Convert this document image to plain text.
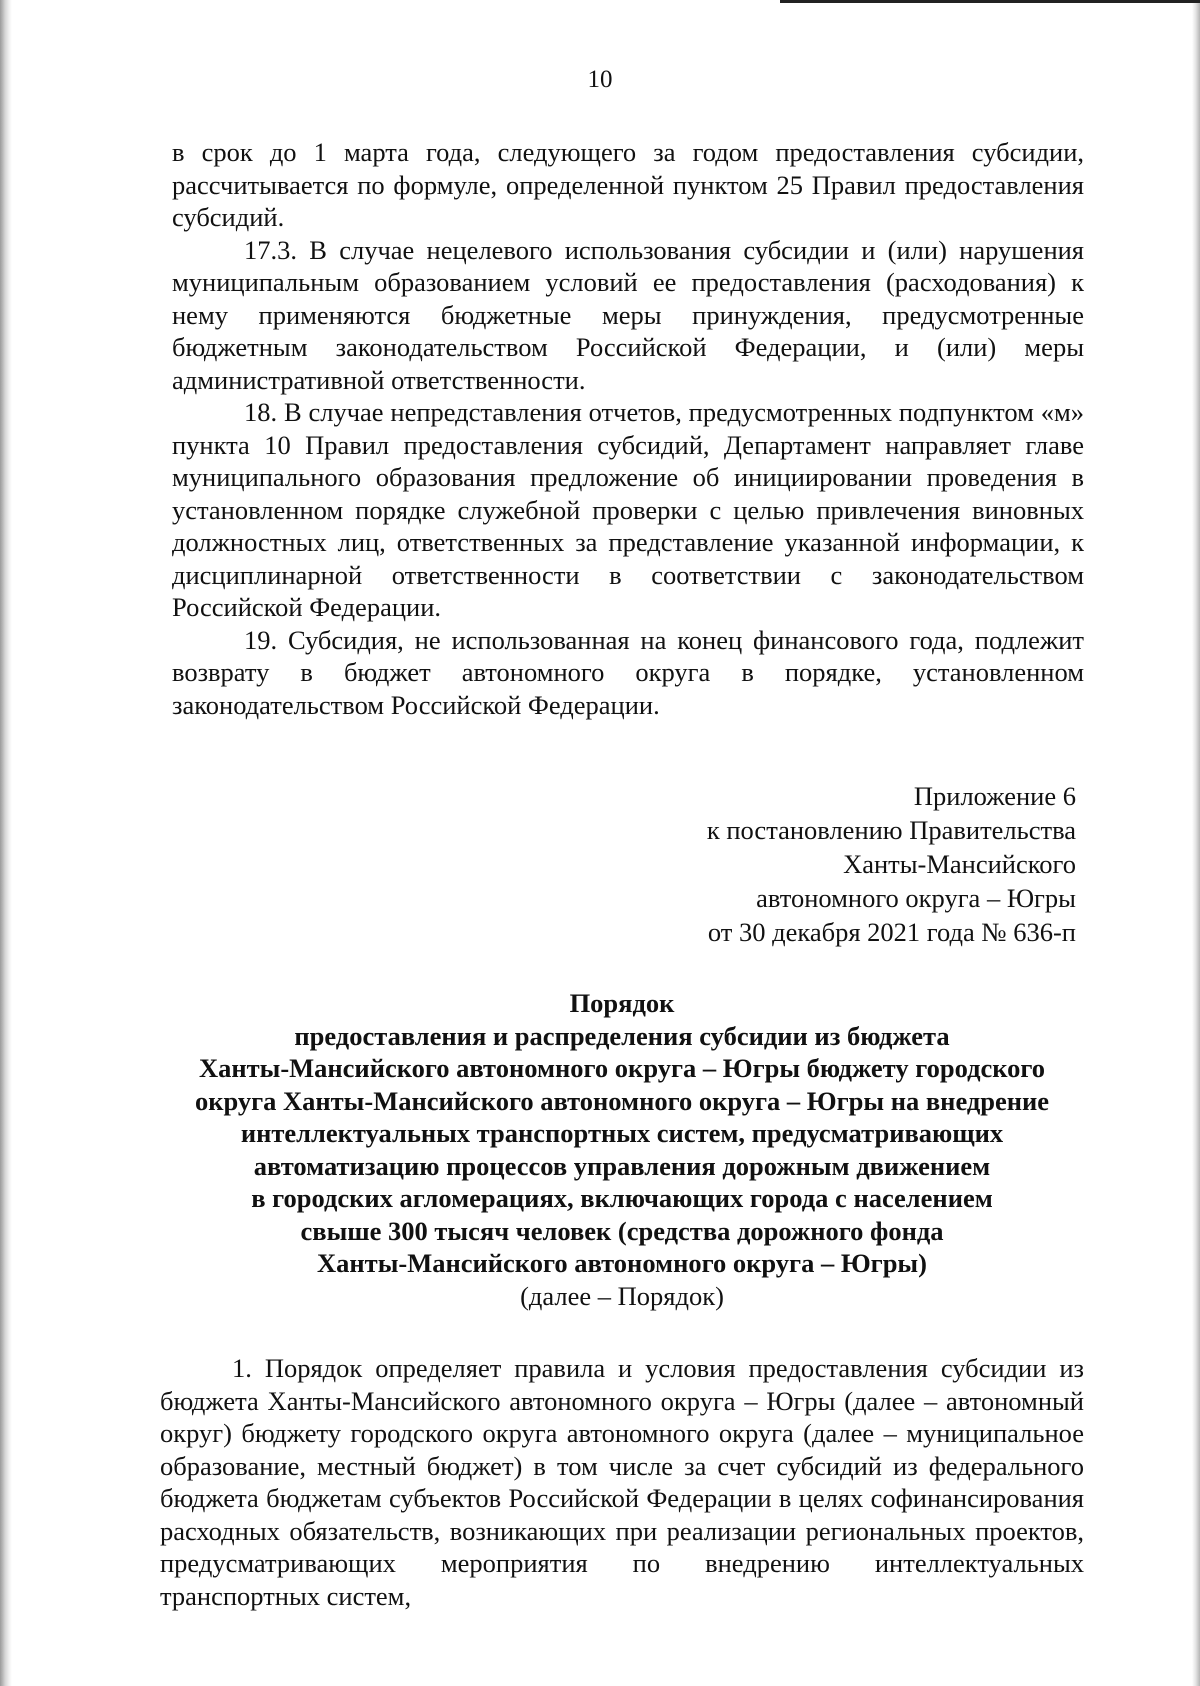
10

в срок до 1 марта года, следующего за годом предоставления субсидии, рассчитывается по формуле, определенной пунктом 25 Правил предоставления субсидий.

17.3. В случае нецелевого использования субсидии и (или) нарушения муниципальным образованием условий ее предоставления (расходования) к нему применяются бюджетные меры принуждения, предусмотренные бюджетным законодательством Российской Федерации, и (или) меры административной ответственности.

18. В случае непредставления отчетов, предусмотренных подпунктом «м» пункта 10 Правил предоставления субсидий, Департамент направляет главе муниципального образования предложение об инициировании проведения в установленном порядке служебной проверки с целью привлечения виновных должностных лиц, ответственных за представление указанной информации, к дисциплинарной ответственности в соответствии с законодательством Российской Федерации.

19. Субсидия, не использованная на конец финансового года, подлежит возврату в бюджет автономного округа в порядке, установленном законодательством Российской Федерации.

Приложение 6
к постановлению Правительства
Ханты-Мансийского
автономного округа – Югры
от 30 декабря 2021 года № 636-п
Порядок
предоставления и распределения субсидии из бюджета
Ханты-Мансийского автономного округа – Югры бюджету городского
округа Ханты-Мансийского автономного округа – Югры на внедрение
интеллектуальных транспортных систем, предусматривающих
автоматизацию процессов управления дорожным движением
в городских агломерациях, включающих города с населением
свыше 300 тысяч человек (средства дорожного фонда
Ханты-Мансийского автономного округа – Югры)
(далее – Порядок)

1. Порядок определяет правила и условия предоставления субсидии из бюджета Ханты-Мансийского автономного округа – Югры (далее – автономный округ) бюджету городского округа автономного округа (далее – муниципальное образование, местный бюджет) в том числе за счет субсидий из федерального бюджета бюджетам субъектов Российской Федерации в целях софинансирования расходных обязательств, возникающих при реализации региональных проектов, предусматривающих мероприятия по внедрению интеллектуальных транспортных систем,
